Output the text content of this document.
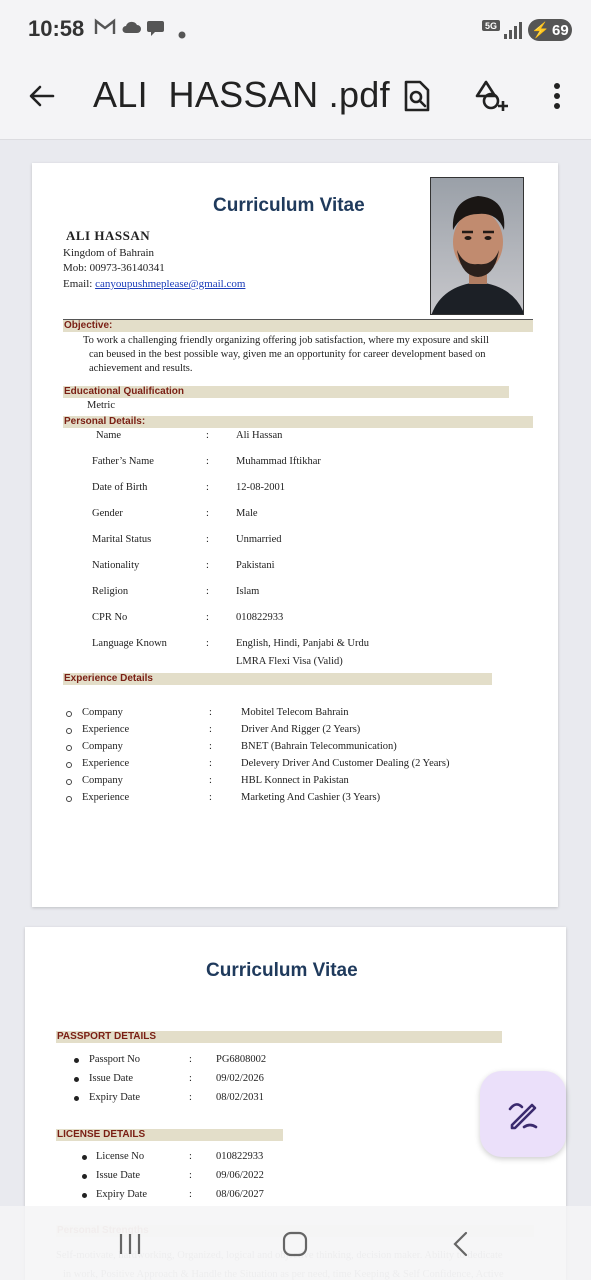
10:58	5G ⚡ 69
ALI  HASSAN .pdf
Curriculum Vitae
ALI HASSAN
Kingdom of Bahrain
Mob: 00973-36140341
Email: canyoupushmeplease@gmail.com
Objective:
To work a challenging friendly organizing offering job satisfaction, where my exposure and skill
can beused in the best possible way, given me an opportunity for career development based on
achievement and results.
Educational Qualification
Metric
Personal Details:
Name	:	Ali Hassan
Father’s Name	:	Muhammad Iftikhar
Date of Birth	:	12-08-2001
Gender	:	Male
Marital Status	:	Unmarried
Nationality	:	Pakistani
Religion	:	Islam
CPR No	:	010822933
Language Known	:	English, Hindi, Panjabi & Urdu
LMRA Flexi Visa (Valid)
Experience Details
Company	:	Mobitel Telecom Bahrain
Experience	:	Driver And Rigger (2 Years)
Company	:	BNET (Bahrain Telecommunication)
Experience	:	Delevery Driver And Customer Dealing (2 Years)
Company	:	HBL Konnect in Pakistan
Experience	:	Marketing And Cashier (3 Years)
Curriculum Vitae
PASSPORT DETAILS
Passport No	: PG6808002
Issue Date	: 09/02/2026
Expiry Date	: 08/02/2031
LICENSE DETAILS
License No	: 010822933
Issue Date	: 09/06/2022
Expiry Date	: 08/06/2027
